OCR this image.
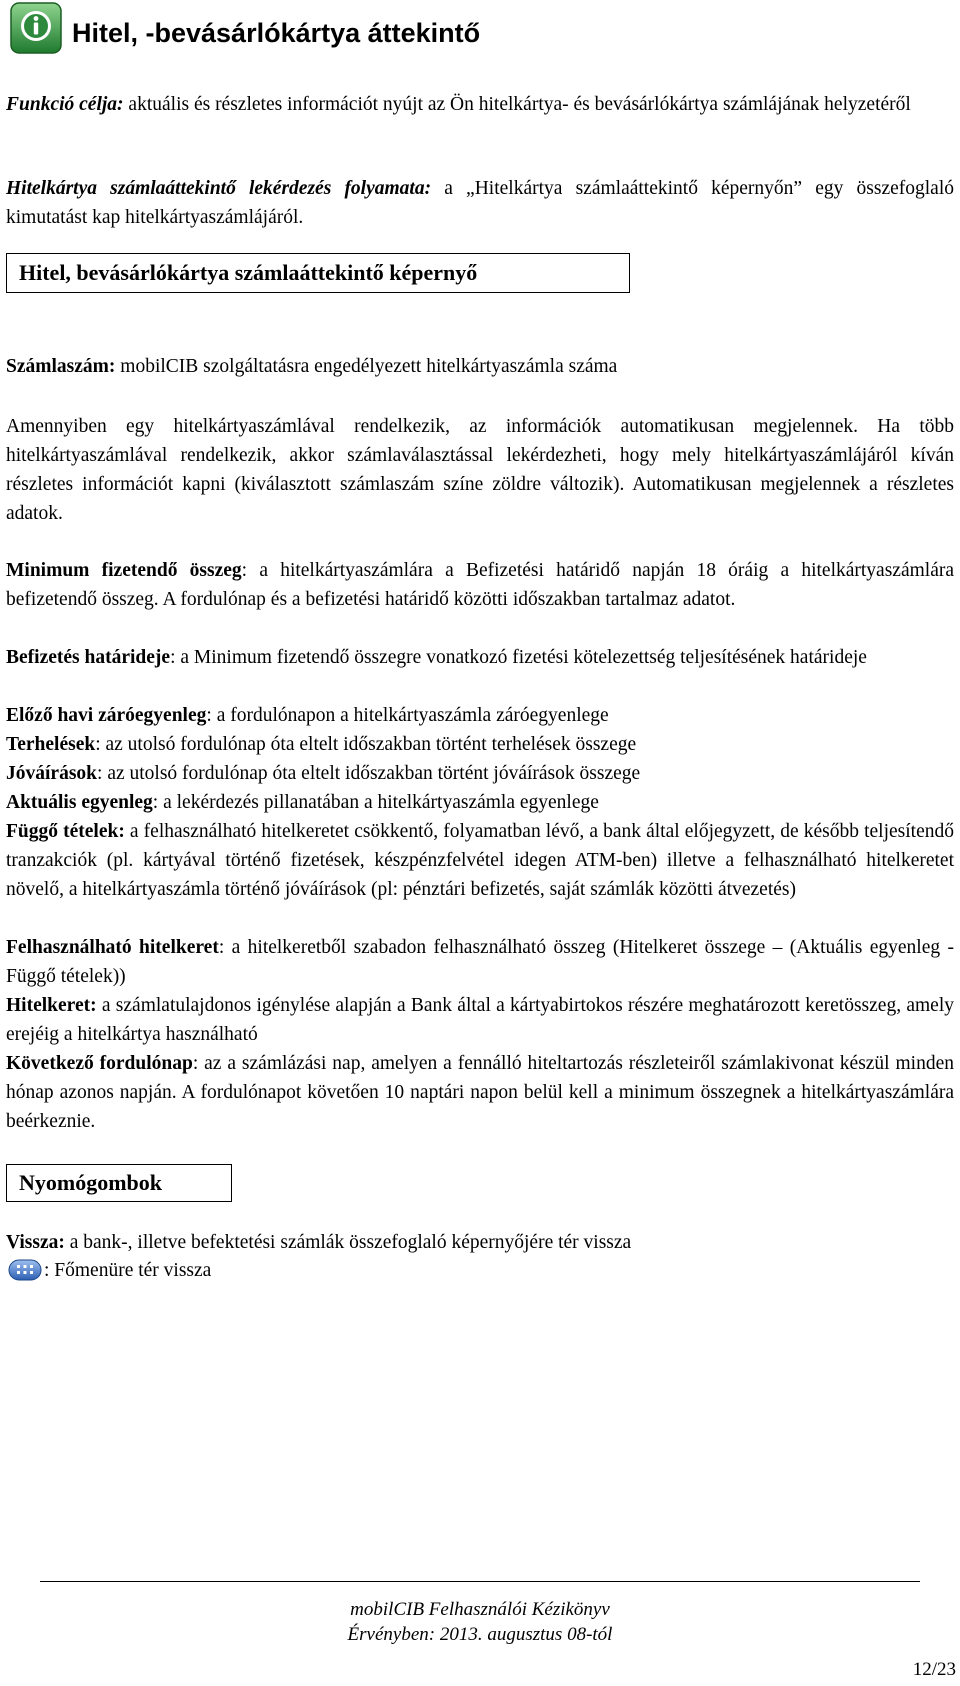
Hitel, -bevásárlókártya áttekintő
Funkció célja: aktuális és részletes információt nyújt az Ön hitelkártya- és bevásárlókártya számlájának helyzetéről
Hitelkártya számlaáttekintő lekérdezés folyamata: a „Hitelkártya számlaáttekintő képernyőn” egy összefoglaló kimutatást kap hitelkártyaszámlájáról.
Hitel, bevásárlókártya számlaáttekintő képernyő
Számlaszám: mobilCIB szolgáltatásra engedélyezett hitelkártyaszámla száma
Amennyiben egy hitelkártyaszámlával rendelkezik, az információk automatikusan megjelennek. Ha több hitelkártyaszámlával rendelkezik, akkor számlaválasztással lekérdezheti, hogy mely hitelkártyaszámlájáról kíván részletes információt kapni (kiválasztott számlaszám színe zöldre változik). Automatikusan megjelennek a részletes adatok.
Minimum fizetendő összeg: a hitelkártyaszámlára a Befizetési határidő napján 18 óráig a hitelkártyaszámlára befizetendő összeg. A fordulónap és a befizetési határidő közötti időszakban tartalmaz adatot.
Befizetés határideje: a Minimum fizetendő összegre vonatkozó fizetési kötelezettség teljesítésének határideje
Előző havi záróegyenleg: a fordulónapon a hitelkártyaszámla záróegyenlege
Terhelések: az utolsó fordulónap óta eltelt időszakban történt terhelések összege
Jóváírások: az utolsó fordulónap óta eltelt időszakban történt jóváírások összege
Aktuális egyenleg: a lekérdezés pillanatában a hitelkártyaszámla egyenlege
Függő tételek: a felhasználható hitelkeretet csökkentő, folyamatban lévő, a bank által előjegyzett, de később teljesítendő tranzakciók (pl. kártyával történő fizetések, készpénzfelvétel idegen ATM-ben) illetve a felhasználható hitelkeretet növelő, a hitelkártyaszámla történő jóváírások (pl: pénztári befizetés, saját számlák közötti átvezetés)
Felhasználható hitelkeret: a hitelkeretből szabadon felhasználható összeg (Hitelkeret összege – (Aktuális egyenleg - Függő tételek))
Hitelkeret: a számlatulajdonos igénylése alapján a Bank által a kártyabirtokos részére meghatározott keretösszeg, amely erejéig a hitelkártya használható
Következő fordulónap: az a számlázási nap, amelyen a fennálló hiteltartozás részleteiről számlakivonat készül minden hónap azonos napján. A fordulónapot követően 10 naptári napon belül kell a minimum összegnek a hitelkártyaszámlára beérkeznie.
Nyomógombok
Vissza: a bank-, illetve befektetési számlák összefoglaló képernyőjére tér vissza
: Főmenüre tér vissza
mobilCIB Felhasználói Kézikönyv
Érvényben: 2013. augusztus 08-tól
12/23
